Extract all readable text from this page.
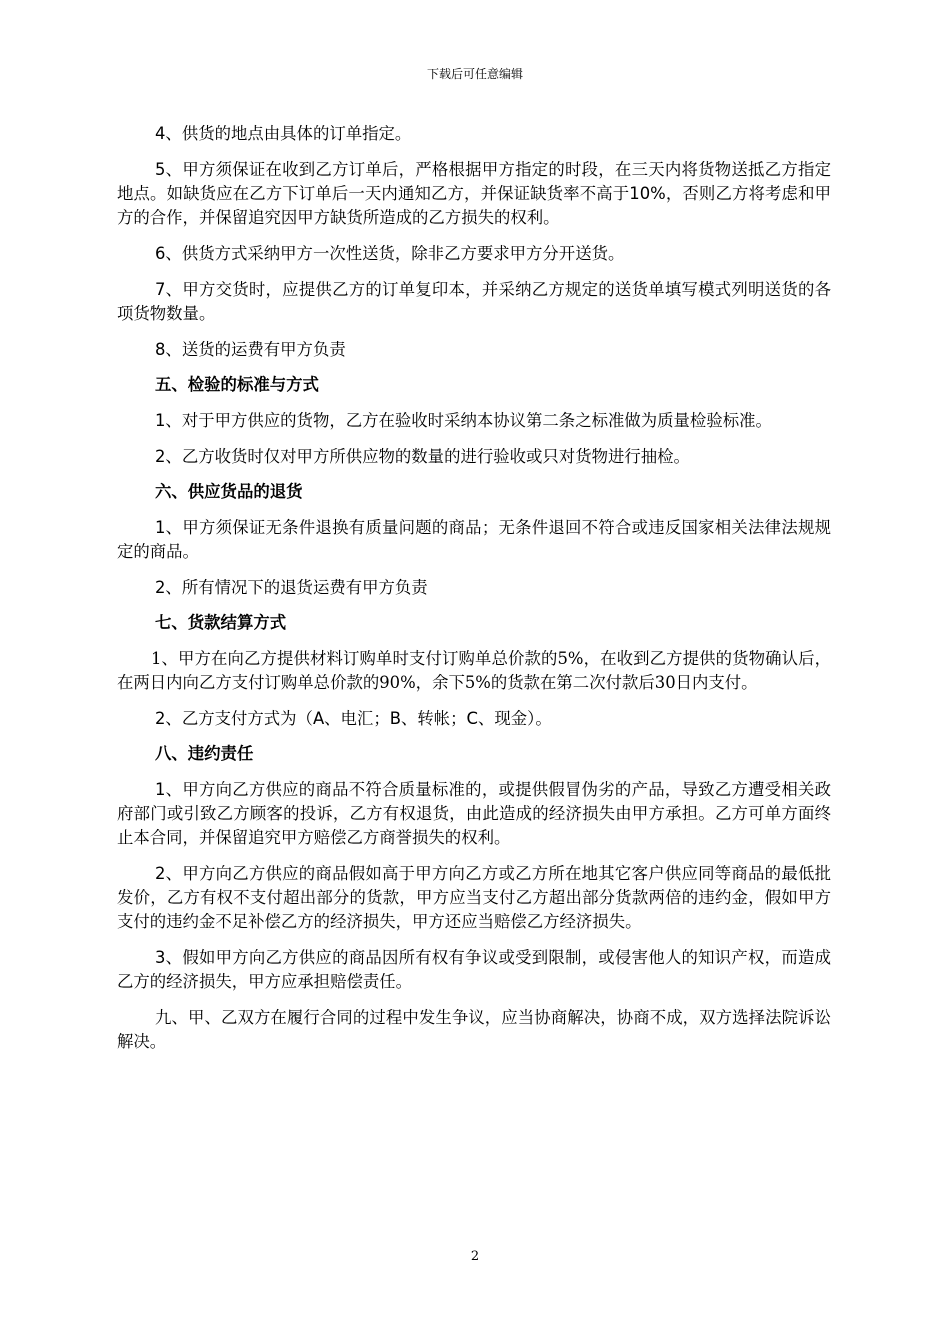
下载后可任意编辑

4、供货的地点由具体的订单指定。

5、甲方须保证在收到乙方订单后，严格根据甲方指定的时段，在三天内将货物送抵乙方指定地点。如缺货应在乙方下订单后一天内通知乙方，并保证缺货率不高于10%，否则乙方将考虑和甲方的合作，并保留追究因甲方缺货所造成的乙方损失的权利。

6、供货方式采纳甲方一次性送货，除非乙方要求甲方分开送货。

7、甲方交货时，应提供乙方的订单复印本，并采纳乙方规定的送货单填写模式列明送货的各项货物数量。

8、送货的运费有甲方负责

五、检验的标准与方式

1、对于甲方供应的货物，乙方在验收时采纳本协议第二条之标准做为质量检验标准。

2、乙方收货时仅对甲方所供应物的数量的进行验收或只对货物进行抽检。

六、供应货品的退货

1、甲方须保证无条件退换有质量问题的商品；无条件退回不符合或违反国家相关法律法规规定的商品。

2、所有情况下的退货运费有甲方负责

七、货款结算方式

1、甲方在向乙方提供材料订购单时支付订购单总价款的5%，在收到乙方提供的货物确认后，在两日内向乙方支付订购单总价款的90%，余下5%的货款在第二次付款后30日内支付。

2、乙方支付方式为（A、电汇；B、转帐；C、现金）。

八、违约责任

1、甲方向乙方供应的商品不符合质量标准的，或提供假冒伪劣的产品，导致乙方遭受相关政府部门或引致乙方顾客的投诉，乙方有权退货，由此造成的经济损失由甲方承担。乙方可单方面终止本合同，并保留追究甲方赔偿乙方商誉损失的权利。

2、甲方向乙方供应的商品假如高于甲方向乙方或乙方所在地其它客户供应同等商品的最低批发价，乙方有权不支付超出部分的货款，甲方应当支付乙方超出部分货款两倍的违约金，假如甲方支付的违约金不足补偿乙方的经济损失，甲方还应当赔偿乙方经济损失。

3、假如甲方向乙方供应的商品因所有权有争议或受到限制，或侵害他人的知识产权，而造成乙方的经济损失，甲方应承担赔偿责任。

九、甲、乙双方在履行合同的过程中发生争议，应当协商解决，协商不成，双方选择法院诉讼解决。

2
